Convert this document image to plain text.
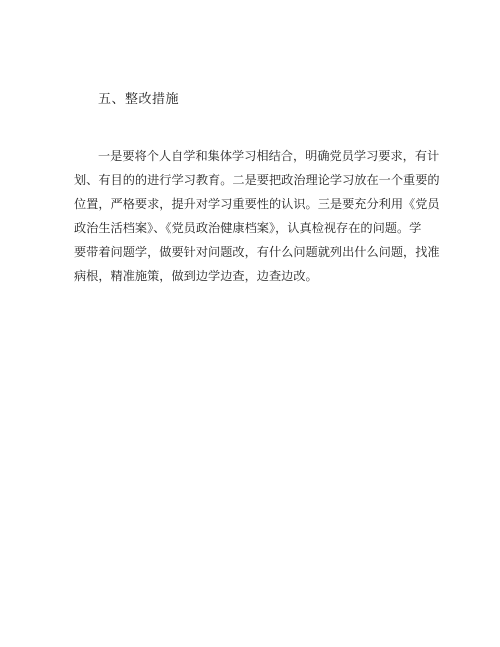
五、整改措施
一是要将个人自学和集体学习相结合，明确党员学习要求，有计
划、有目的的进行学习教育。二是要把政治理论学习放在一个重要的
位置，严格要求，提升对学习重要性的认识。三是要充分利用《党员
政治生活档案》、《党员政治健康档案》，认真检视存在的问题。学
要带着问题学，做要针对问题改，有什么问题就列出什么问题，找准
病根，精准施策，做到边学边查，边查边改。
